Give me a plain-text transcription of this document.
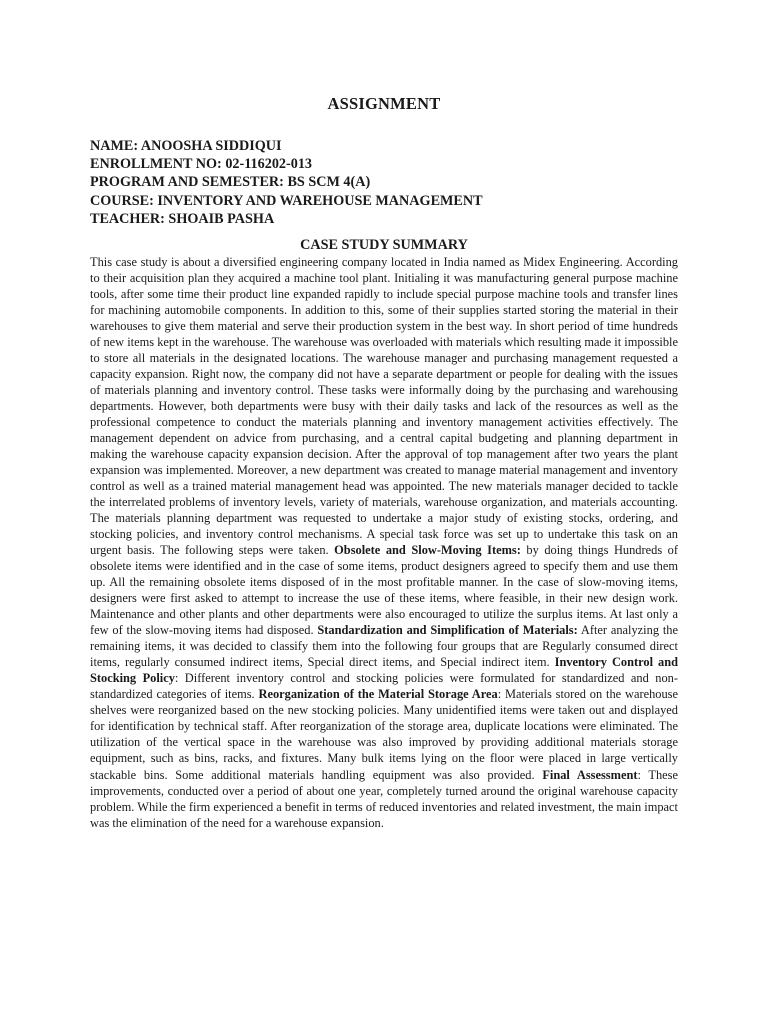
ASSIGNMENT
NAME: ANOOSHA SIDDIQUI
ENROLLMENT NO: 02-116202-013
PROGRAM AND SEMESTER: BS SCM 4(A)
COURSE: INVENTORY AND WAREHOUSE MANAGEMENT
TEACHER: SHOAIB PASHA
CASE STUDY SUMMARY
This case study is about a diversified engineering company located in India named as Midex Engineering. According to their acquisition plan they acquired a machine tool plant. Initialing it was manufacturing general purpose machine tools, after some time their product line expanded rapidly to include special purpose machine tools and transfer lines for machining automobile components. In addition to this, some of their supplies started storing the material in their warehouses to give them material and serve their production system in the best way. In short period of time hundreds of new items kept in the warehouse. The warehouse was overloaded with materials which resulting made it impossible to store all materials in the designated locations. The warehouse manager and purchasing management requested a capacity expansion. Right now, the company did not have a separate department or people for dealing with the issues of materials planning and inventory control. These tasks were informally doing by the purchasing and warehousing departments. However, both departments were busy with their daily tasks and lack of the resources as well as the professional competence to conduct the materials planning and inventory management activities effectively. The management dependent on advice from purchasing, and a central capital budgeting and planning department in making the warehouse capacity expansion decision. After the approval of top management after two years the plant expansion was implemented. Moreover, a new department was created to manage material management and inventory control as well as a trained material management head was appointed. The new materials manager decided to tackle the interrelated problems of inventory levels, variety of materials, warehouse organization, and materials accounting. The materials planning department was requested to undertake a major study of existing stocks, ordering, and stocking policies, and inventory control mechanisms. A special task force was set up to undertake this task on an urgent basis. The following steps were taken. Obsolete and Slow-Moving Items: by doing things Hundreds of obsolete items were identified and in the case of some items, product designers agreed to specify them and use them up. All the remaining obsolete items disposed of in the most profitable manner. In the case of slow-moving items, designers were first asked to attempt to increase the use of these items, where feasible, in their new design work. Maintenance and other plants and other departments were also encouraged to utilize the surplus items. At last only a few of the slow-moving items had disposed. Standardization and Simplification of Materials: After analyzing the remaining items, it was decided to classify them into the following four groups that are Regularly consumed direct items, regularly consumed indirect items, Special direct items, and Special indirect item. Inventory Control and Stocking Policy: Different inventory control and stocking policies were formulated for standardized and non-standardized categories of items. Reorganization of the Material Storage Area: Materials stored on the warehouse shelves were reorganized based on the new stocking policies. Many unidentified items were taken out and displayed for identification by technical staff. After reorganization of the storage area, duplicate locations were eliminated. The utilization of the vertical space in the warehouse was also improved by providing additional materials storage equipment, such as bins, racks, and fixtures. Many bulk items lying on the floor were placed in large vertically stackable bins. Some additional materials handling equipment was also provided. Final Assessment: These improvements, conducted over a period of about one year, completely turned around the original warehouse capacity problem. While the firm experienced a benefit in terms of reduced inventories and related investment, the main impact was the elimination of the need for a warehouse expansion.
